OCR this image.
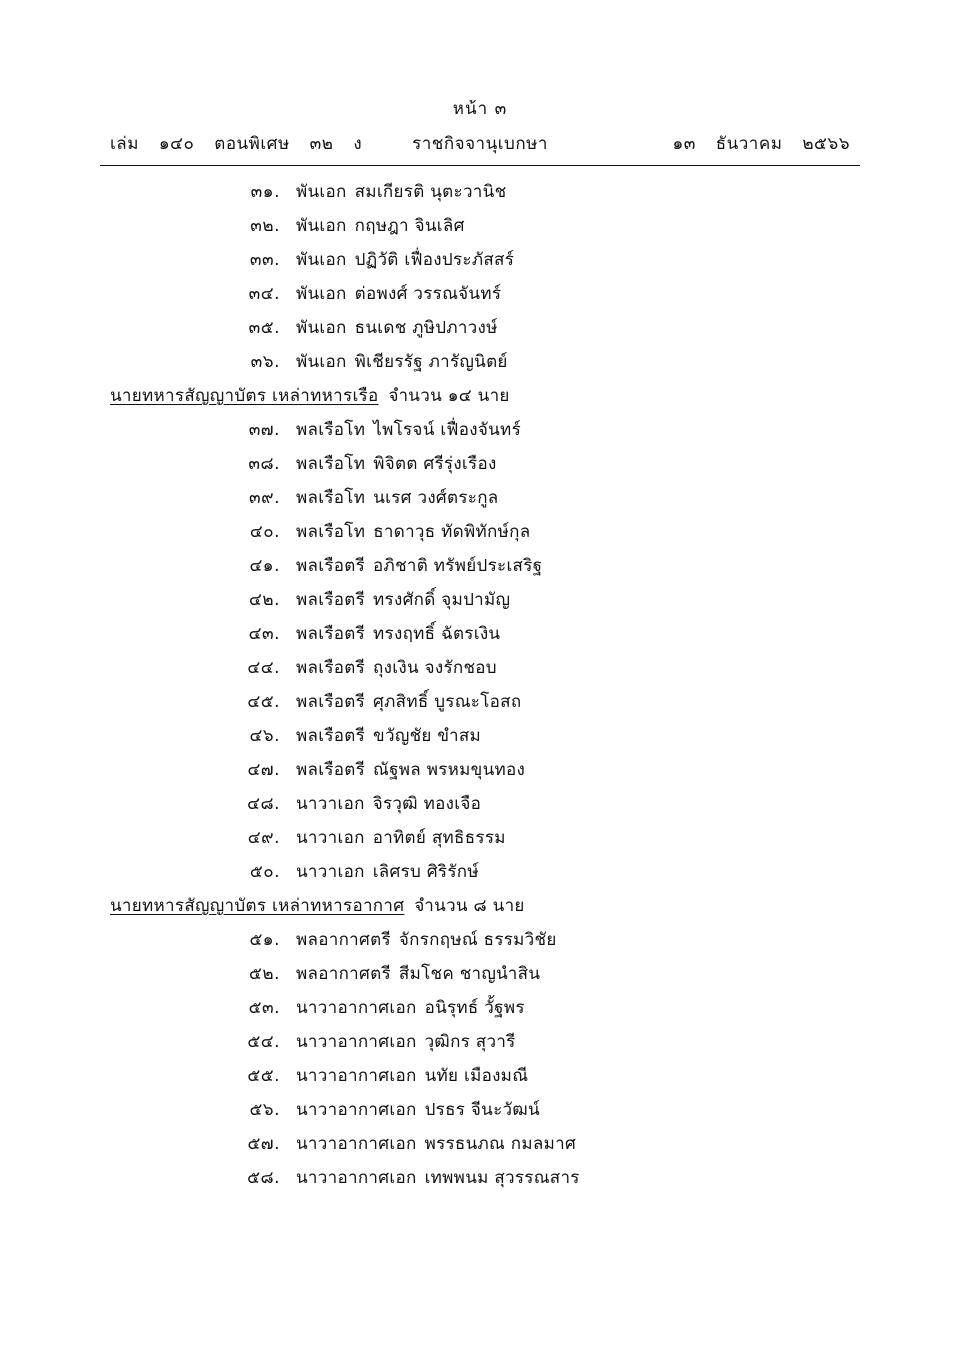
หน้า ๓
เล่ม ๑๔๐ ตอนพิเศษ ๓๒ ง	ราชกิจจานุเบกษา	๑๓ ธันวาคม ๒๕๖๖
๓๑. พันเอก สมเกียรติ นุตะวานิช
๓๒. พันเอก กฤษฎา จินเลิศ
๓๓. พันเอก ปฏิวัติ เฟื่องประภัสสร์
๓๔. พันเอก ต่อพงศ์ วรรณจันทร์
๓๕. พันเอก ธนเดช ภูษิปภาวงษ์
๓๖. พันเอก พิเชียรรัฐ ภารัญนิตย์
นายทหารสัญญาบัตร เหล่าทหารเรือ จำนวน ๑๔ นาย
๓๗. พลเรือโท ไพโรจน์ เฟื่องจันทร์
๓๘. พลเรือโท พิจิตต ศรีรุ่งเรือง
๓๙. พลเรือโท นเรศ วงศ์ตระกูล
๔๐. พลเรือโท ธาดาวุธ ทัดพิทักษ์กุล
๔๑. พลเรือตรี อภิชาติ ทรัพย์ประเสริฐ
๔๒. พลเรือตรี ทรงศักดิ์ จุมปามัญ
๔๓. พลเรือตรี ทรงฤทธิ์ ฉัตรเงิน
๔๔. พลเรือตรี ถุงเงิน จงรักชอบ
๔๕. พลเรือตรี ศุภสิทธิ์ บูรณะโอสถ
๔๖. พลเรือตรี ขวัญชัย ขำสม
๔๗. พลเรือตรี ณัฐพล พรหมขุนทอง
๔๘. นาวาเอก จิรวุฒิ ทองเจือ
๔๙. นาวาเอก อาทิตย์ สุทธิธรรม
๕๐. นาวาเอก เลิศรบ ศิริรักษ์
นายทหารสัญญาบัตร เหล่าทหารอากาศ จำนวน ๘ นาย
๕๑. พลอากาศตรี จักรกฤษณ์ ธรรมวิชัย
๕๒. พลอากาศตรี สีมโชค ชาญนำสิน
๕๓. นาวาอากาศเอก อนิรุทธ์ วั้ฐพร
๕๔. นาวาอากาศเอก วุฒิกร สุวารี
๕๕. นาวาอากาศเอก นทัย เมืองมณี
๕๖. นาวาอากาศเอก ปรธร จีนะวัฒน์
๕๗. นาวาอากาศเอก พรรธนภณ กมลมาศ
๕๘. นาวาอากาศเอก เทพพนม สุวรรณสาร
